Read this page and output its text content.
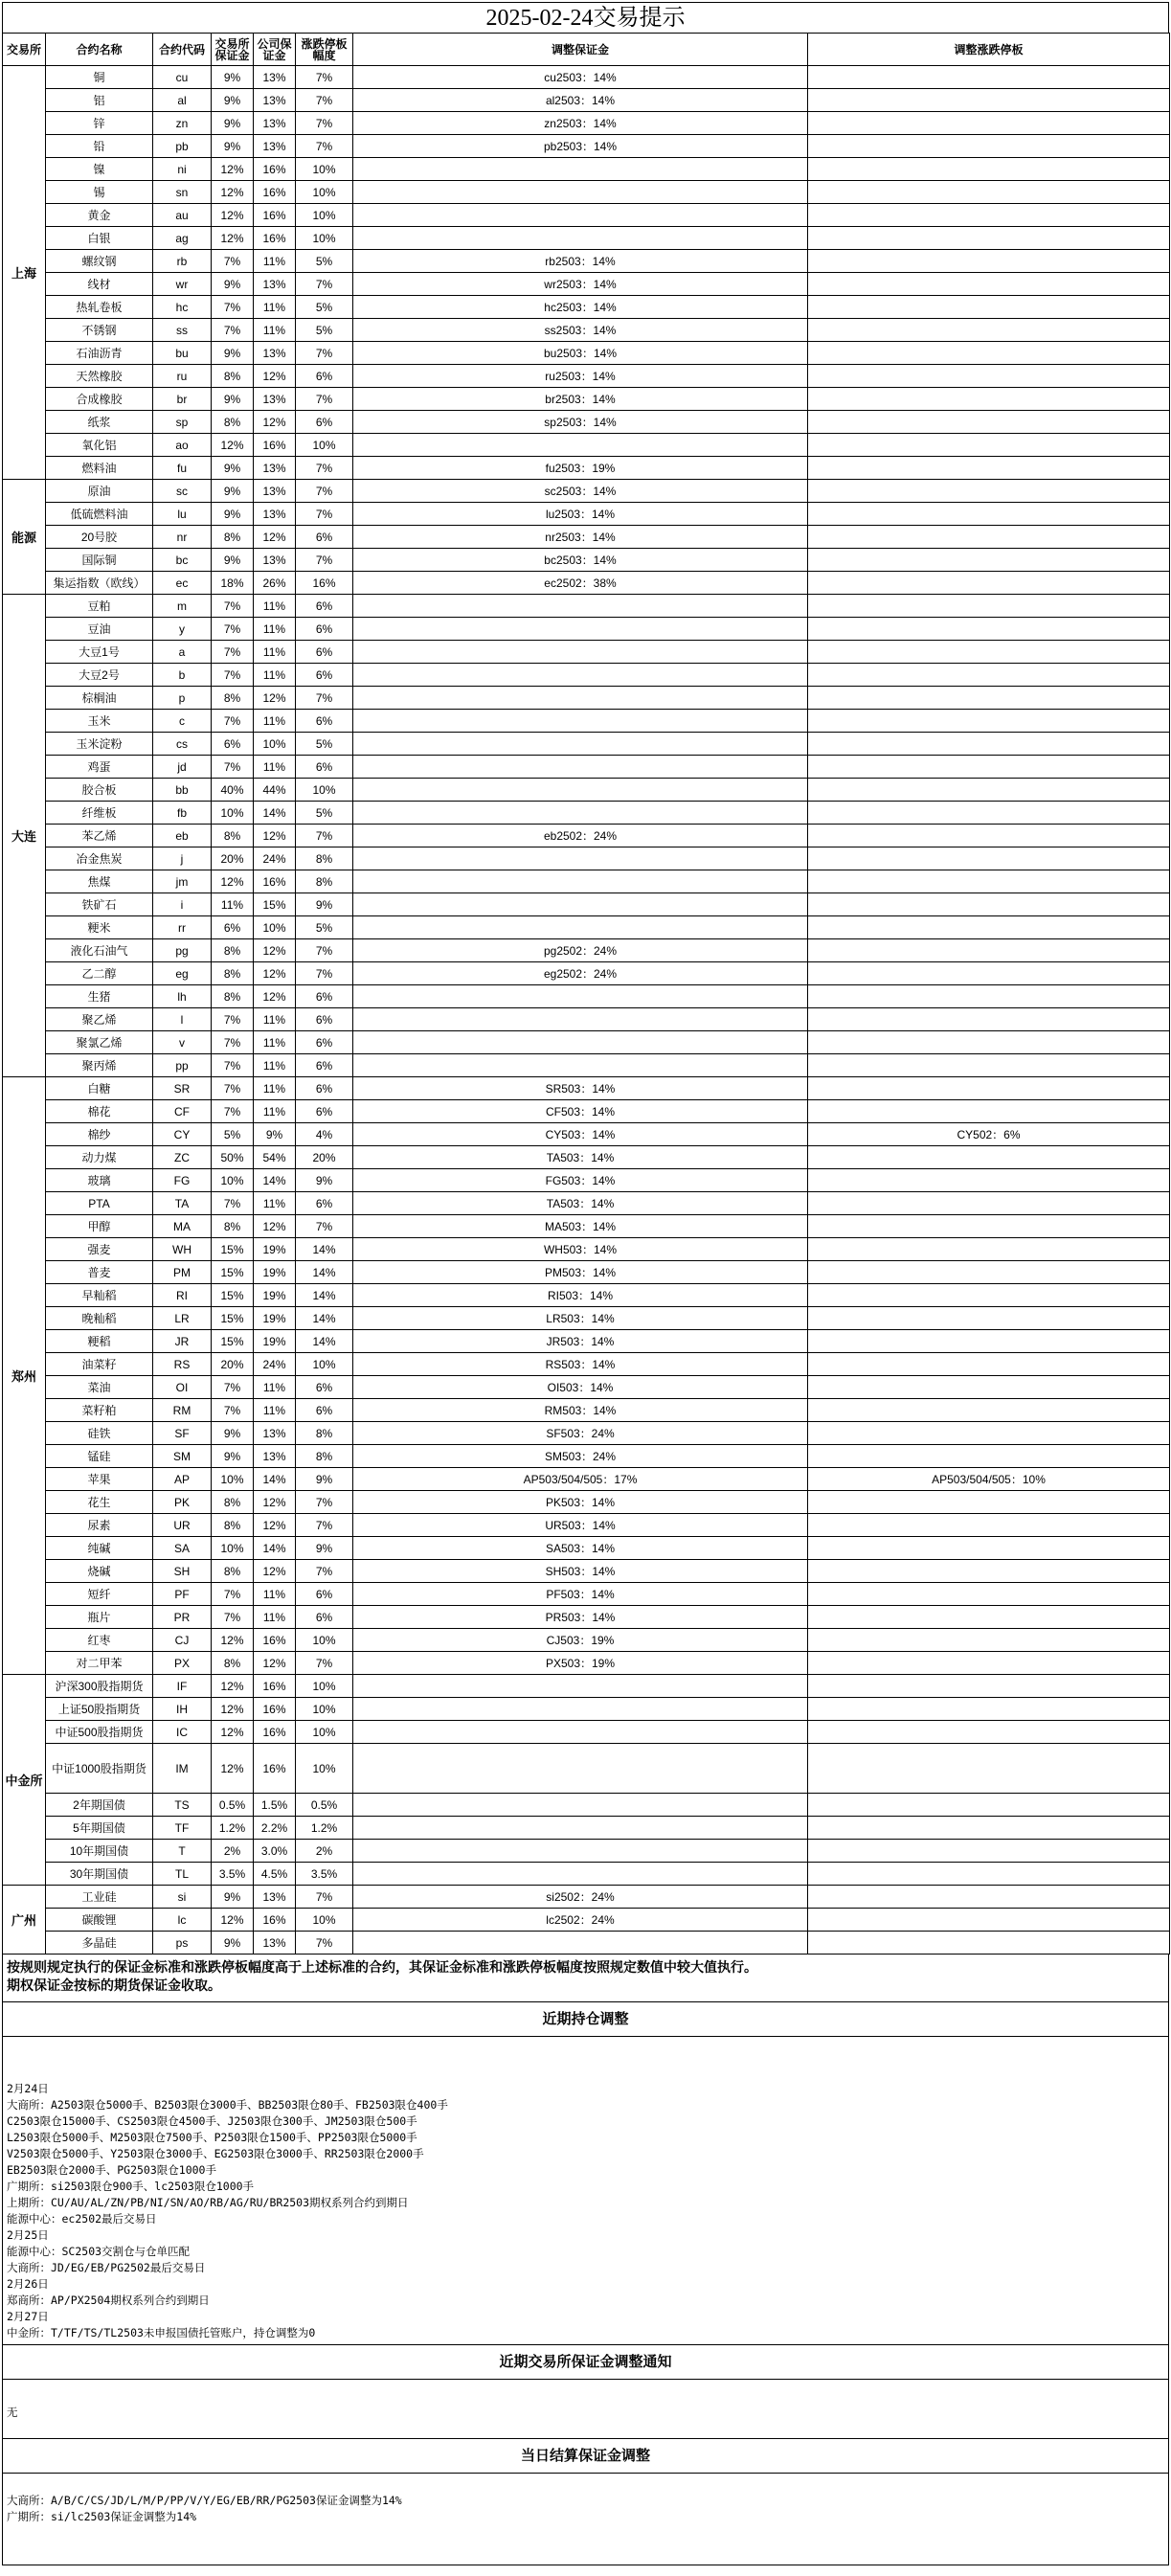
2025-02-24交易提示
交易所	合约名称	合约代码	交易所保证金	公司保证金	涨跌停板幅度	调整保证金	调整涨跌停板
上海	铜	cu	9%	13%	7%	cu2503：14%	
	铝	al	9%	13%	7%	al2503：14%	
	锌	zn	9%	13%	7%	zn2503：14%	
	铅	pb	9%	13%	7%	pb2503：14%	
	镍	ni	12%	16%	10%		
	锡	sn	12%	16%	10%		
	黄金	au	12%	16%	10%		
	白银	ag	12%	16%	10%		
	螺纹钢	rb	7%	11%	5%	rb2503：14%	
	线材	wr	9%	13%	7%	wr2503：14%	
	热轧卷板	hc	7%	11%	5%	hc2503：14%	
	不锈钢	ss	7%	11%	5%	ss2503：14%	
	石油沥青	bu	9%	13%	7%	bu2503：14%	
	天然橡胶	ru	8%	12%	6%	ru2503：14%	
	合成橡胶	br	9%	13%	7%	br2503：14%	
	纸浆	sp	8%	12%	6%	sp2503：14%	
	氧化铝	ao	12%	16%	10%		
	燃料油	fu	9%	13%	7%	fu2503：19%	
能源	原油	sc	9%	13%	7%	sc2503：14%	
	低硫燃料油	lu	9%	13%	7%	lu2503：14%	
	20号胶	nr	8%	12%	6%	nr2503：14%	
	国际铜	bc	9%	13%	7%	bc2503：14%	
	集运指数（欧线）	ec	18%	26%	16%	ec2502：38%	
大连	豆粕	m	7%	11%	6%		
	豆油	y	7%	11%	6%		
	大豆1号	a	7%	11%	6%		
	大豆2号	b	7%	11%	6%		
	棕榈油	p	8%	12%	7%		
	玉米	c	7%	11%	6%		
	玉米淀粉	cs	6%	10%	5%		
	鸡蛋	jd	7%	11%	6%		
	胶合板	bb	40%	44%	10%		
	纤维板	fb	10%	14%	5%		
	苯乙烯	eb	8%	12%	7%	eb2502：24%	
	冶金焦炭	j	20%	24%	8%		
	焦煤	jm	12%	16%	8%		
	铁矿石	i	11%	15%	9%		
	粳米	rr	6%	10%	5%		
	液化石油气	pg	8%	12%	7%	pg2502：24%	
	乙二醇	eg	8%	12%	7%	eg2502：24%	
	生猪	lh	8%	12%	6%		
	聚乙烯	l	7%	11%	6%		
	聚氯乙烯	v	7%	11%	6%		
	聚丙烯	pp	7%	11%	6%		
郑州	白糖	SR	7%	11%	6%	SR503：14%	
	棉花	CF	7%	11%	6%	CF503：14%	
	棉纱	CY	5%	9%	4%	CY503：14%	CY502：6%
	动力煤	ZC	50%	54%	20%	TA503：14%	
	玻璃	FG	10%	14%	9%	FG503：14%	
	PTA	TA	7%	11%	6%	TA503：14%	
	甲醇	MA	8%	12%	7%	MA503：14%	
	强麦	WH	15%	19%	14%	WH503：14%	
	普麦	PM	15%	19%	14%	PM503：14%	
	早籼稻	RI	15%	19%	14%	RI503：14%	
	晚籼稻	LR	15%	19%	14%	LR503：14%	
	粳稻	JR	15%	19%	14%	JR503：14%	
	油菜籽	RS	20%	24%	10%	RS503：14%	
	菜油	OI	7%	11%	6%	OI503：14%	
	菜籽粕	RM	7%	11%	6%	RM503：14%	
	硅铁	SF	9%	13%	8%	SF503：24%	
	锰硅	SM	9%	13%	8%	SM503：24%	
	苹果	AP	10%	14%	9%	AP503/504/505：17%	AP503/504/505：10%
	花生	PK	8%	12%	7%	PK503：14%	
	尿素	UR	8%	12%	7%	UR503：14%	
	纯碱	SA	10%	14%	9%	SA503：14%	
	烧碱	SH	8%	12%	7%	SH503：14%	
	短纤	PF	7%	11%	6%	PF503：14%	
	瓶片	PR	7%	11%	6%	PR503：14%	
	红枣	CJ	12%	16%	10%	CJ503：19%	
	对二甲苯	PX	8%	12%	7%	PX503：19%	
中金所	沪深300股指期货	IF	12%	16%	10%		
	上证50股指期货	IH	12%	16%	10%		
	中证500股指期货	IC	12%	16%	10%		
	中证1000股指期货	IM	12%	16%	10%		
	2年期国债	TS	0.5%	1.5%	0.5%		
	5年期国债	TF	1.2%	2.2%	1.2%		
	10年期国债	T	2%	3.0%	2%		
	30年期国债	TL	3.5%	4.5%	3.5%		
广州	工业硅	si	9%	13%	7%	si2502：24%	
	碳酸锂	lc	12%	16%	10%	lc2502：24%	
	多晶硅	ps	9%	13%	7%		
按规则规定执行的保证金标准和涨跌停板幅度高于上述标准的合约，其保证金标准和涨跌停板幅度按照规定数值中较大值执行。
期权保证金按标的期货保证金收取。
近期持仓调整
2月24日
大商所：A2503限仓5000手、B2503限仓3000手、BB2503限仓80手、FB2503限仓400手
C2503限仓15000手、CS2503限仓4500手、J2503限仓300手、JM2503限仓500手
L2503限仓5000手、M2503限仓7500手、P2503限仓1500手、PP2503限仓5000手
V2503限仓5000手、Y2503限仓3000手、EG2503限仓3000手、RR2503限仓2000手
EB2503限仓2000手、PG2503限仓1000手
广期所：si2503限仓900手、lc2503限仓1000手
上期所：CU/AU/AL/ZN/PB/NI/SN/AO/RB/AG/RU/BR2503期权系列合约到期日
能源中心：ec2502最后交易日
2月25日
能源中心：SC2503交割仓与仓单匹配
大商所：JD/EG/EB/PG2502最后交易日
2月26日
郑商所：AP/PX2504期权系列合约到期日
2月27日
中金所：T/TF/TS/TL2503未申报国债托管账户，持仓调整为0
近期交易所保证金调整通知
无
当日结算保证金调整
大商所：A/B/C/CS/JD/L/M/P/PP/V/Y/EG/EB/RR/PG2503保证金调整为14%
广期所：si/lc2503保证金调整为14%
